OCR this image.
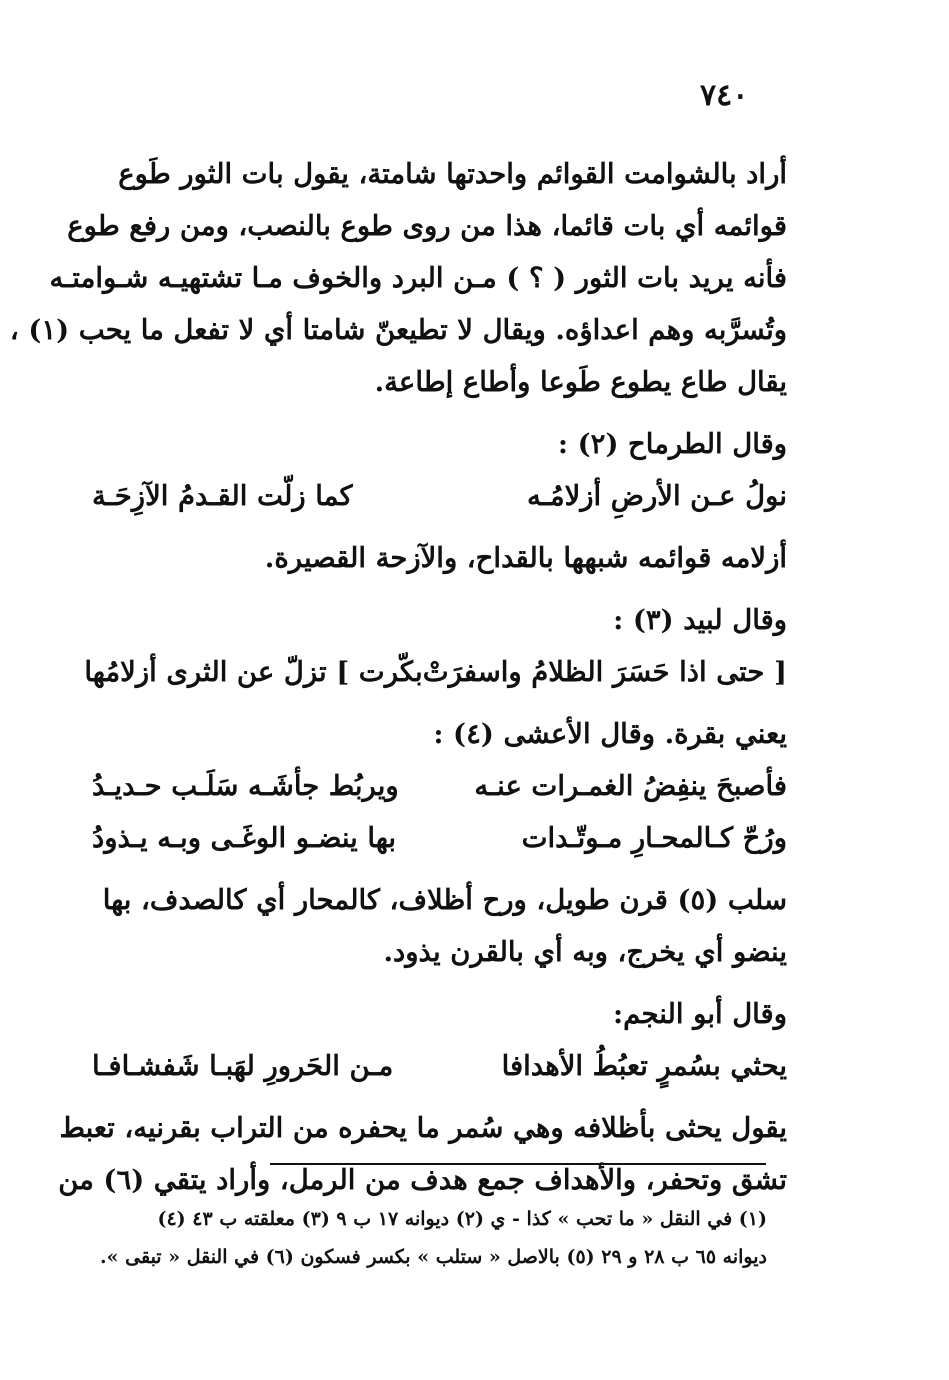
٧٤٠
أراد بالشوامت القوائم واحدتها شامتة، يقول بات الثور طَوع
قوائمه أي بات قائما، هذا من روى طوع بالنصب، ومن رفع طوع
فأنه يريد بات الثور ( ؟ ) مـن البرد والخوف مـا تشتهيـه شـوامتـه
وتُسرَّبه وهم اعداؤه. ويقال لا تطيعنّ شامتا أي لا تفعل ما يحب (١) ،
يقال طاع يطوع طَوعا وأطاع إطاعة.
وقال الطرماح (٢) :
نولُ عـن الأرضِ أزلامُـه
كما زلّت القـدمُ الآزِحَـة
أزلامه قوائمه شبهها بالقداح، والآزحة القصيرة.
وقال لبيد (٣) :
[ حتى اذا حَسَرَ الظلامُ واسفرَتْ
بكّرت ] تزلّ عن الثرى أزلامُها
يعني بقرة. وقال الأعشى (٤) :
فأصبحَ ينفِضُ الغمـرات عنـه
ويربُط جأشَـه سَلَـب حـديـدُ
ورُحّ كـالمحـارِ مـوتّـدات
بها ينضـو الوغَـى وبـه يـذودُ
سلب (٥) قرن طويل، ورح أظلاف، كالمحار أي كالصدف، بها
ينضو أي يخرج، وبه أي بالقرن يذود.
وقال أبو النجم:
يحثي بسُمرٍ تعبُطُ الأهدافا
مـن الحَرورِ لهَبـا شَفشـافـا
يقول يحثى بأظلافه وهي سُمر ما يحفره من التراب بقرنيه، تعبط
تشق وتحفر، والأهداف جمع هدف من الرمل، وأراد يتقي (٦) من
(١) في النقل « ما تحب » كذا - ي (٢) ديوانه ١٧ ب ٩ (٣) معلقته ب ٤٣ (٤)
ديوانه ٦٥ ب ٢٨ و ٢٩ (٥) بالاصل « ستلب » بكسر فسكون (٦) في النقل « تبقى ».
